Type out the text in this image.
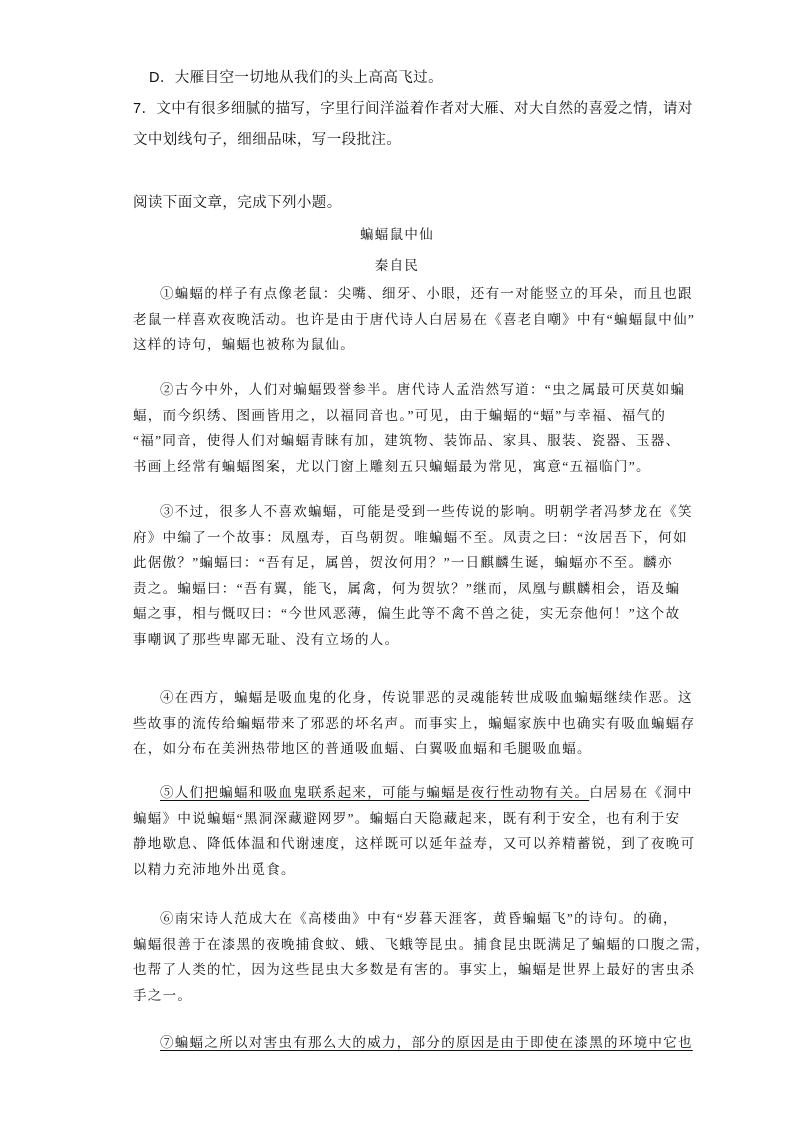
D．大雁目空一切地从我们的头上高高飞过。
7．文中有很多细腻的描写，字里行间洋溢着作者对大雁、对大自然的喜爱之情，请对
文中划线句子，细细品味，写一段批注。
阅读下面文章，完成下列小题。
蝙蝠鼠中仙
秦自民
①蝙蝠的样子有点像老鼠：尖嘴、细牙、小眼，还有一对能竖立的耳朵，而且也跟
老鼠一样喜欢夜晚活动。也许是由于唐代诗人白居易在《喜老自嘲》中有“蝙蝠鼠中仙”
这样的诗句，蝙蝠也被称为鼠仙。
②古今中外，人们对蝙蝠毁誉参半。唐代诗人孟浩然写道：“虫之属最可厌莫如蝙
蝠，而今织绣、图画皆用之，以福同音也。”可见，由于蝙蝠的“蝠”与幸福、福气的
“福”同音，使得人们对蝙蝠青睐有加，建筑物、装饰品、家具、服装、瓷器、玉器、
书画上经常有蝙蝠图案，尤以门窗上雕刻五只蝙蝠最为常见，寓意“五福临门”。
③不过，很多人不喜欢蝙蝠，可能是受到一些传说的影响。明朝学者冯梦龙在《笑
府》中编了一个故事：凤凰寿，百鸟朝贺。唯蝙蝠不至。凤责之曰：“汝居吾下，何如
此倨傲？”蝙蝠曰：“吾有足，属兽，贺汝何用？”一日麒麟生诞，蝙蝠亦不至。麟亦
责之。蝙蝠曰：“吾有翼，能飞，属禽，何为贺欤？”继而，凤凰与麒麟相会，语及蝙
蝠之事，相与慨叹曰：“今世风恶薄，偏生此等不禽不兽之徒，实无奈他何！”这个故
事嘲讽了那些卑鄙无耻、没有立场的人。
④在西方，蝙蝠是吸血鬼的化身，传说罪恶的灵魂能转世成吸血蝙蝠继续作恶。这
些故事的流传给蝙蝠带来了邪恶的坏名声。而事实上，蝙蝠家族中也确实有吸血蝙蝠存
在，如分布在美洲热带地区的普通吸血蝠、白翼吸血蝠和毛腿吸血蝠。
⑤人们把蝙蝠和吸血鬼联系起来，可能与蝙蝠是夜行性动物有关。白居易在《洞中
蝙蝠》中说蝙蝠“黑洞深藏避网罗”。蝙蝠白天隐藏起来，既有利于安全，也有利于安
静地歇息、降低体温和代谢速度，这样既可以延年益寿，又可以养精蓄锐，到了夜晚可
以精力充沛地外出觅食。
⑥南宋诗人范成大在《高楼曲》中有“岁暮天涯客，黄昏蝙蝠飞”的诗句。的确，
蝙蝠很善于在漆黑的夜晚捕食蚊、蛾、飞蛾等昆虫。捕食昆虫既满足了蝙蝠的口腹之需，
也帮了人类的忙，因为这些昆虫大多数是有害的。事实上，蝙蝠是世界上最好的害虫杀
手之一。
⑦蝙蝠之所以对害虫有那么大的威力，部分的原因是由于即使在漆黑的环境中它也
